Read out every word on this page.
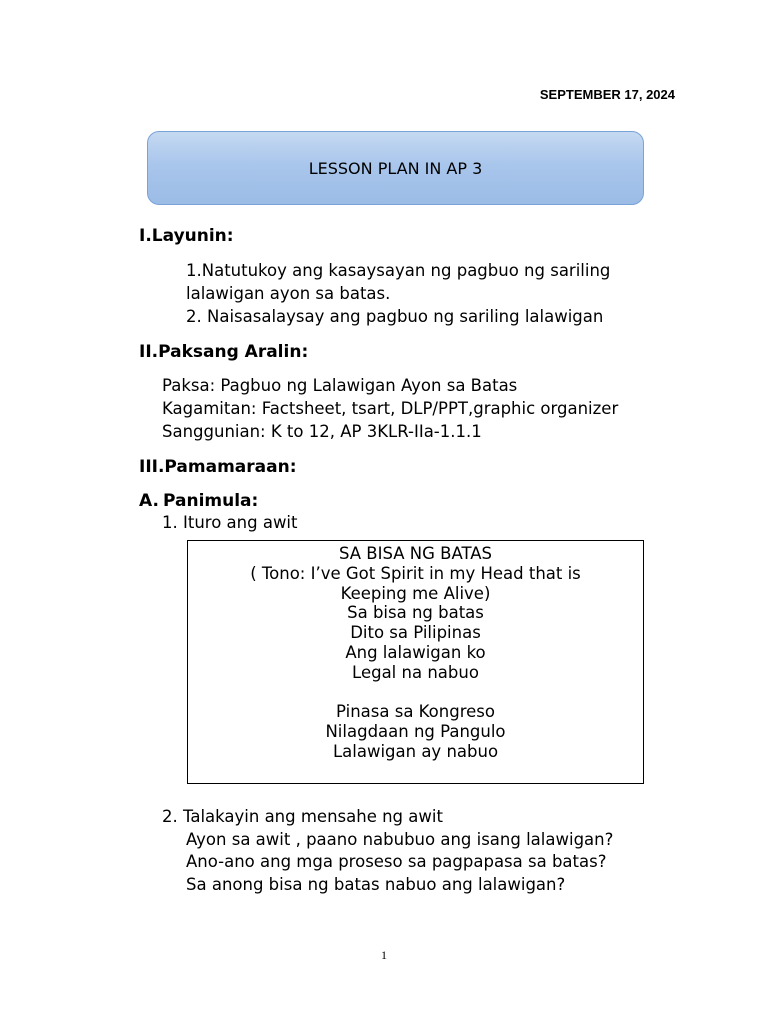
SEPTEMBER 17, 2024
LESSON PLAN IN AP 3
I.Layunin:
1.Natutukoy ang kasaysayan ng pagbuo ng sariling
lalawigan ayon sa batas.
2. Naisasalaysay ang pagbuo ng sariling lalawigan
II.Paksang Aralin:
Paksa: Pagbuo ng Lalawigan Ayon sa Batas
Kagamitan: Factsheet, tsart, DLP/PPT,graphic organizer
Sanggunian: K to 12, AP 3KLR-IIa-1.1.1
III.Pamamaraan:
A. Panimula:
1. Ituro ang awit
SA BISA NG BATAS
( Tono: I’ve Got Spirit in my Head that is
Keeping me Alive)
Sa bisa ng batas
Dito sa Pilipinas
Ang lalawigan ko
Legal na nabuo
Pinasa sa Kongreso
Nilagdaan ng Pangulo
Lalawigan ay nabuo
2. Talakayin ang mensahe ng awit
Ayon sa awit , paano nabubuo ang isang lalawigan?
Ano-ano ang mga proseso sa pagpapasa sa batas?
Sa anong bisa ng batas nabuo ang lalawigan?
1
